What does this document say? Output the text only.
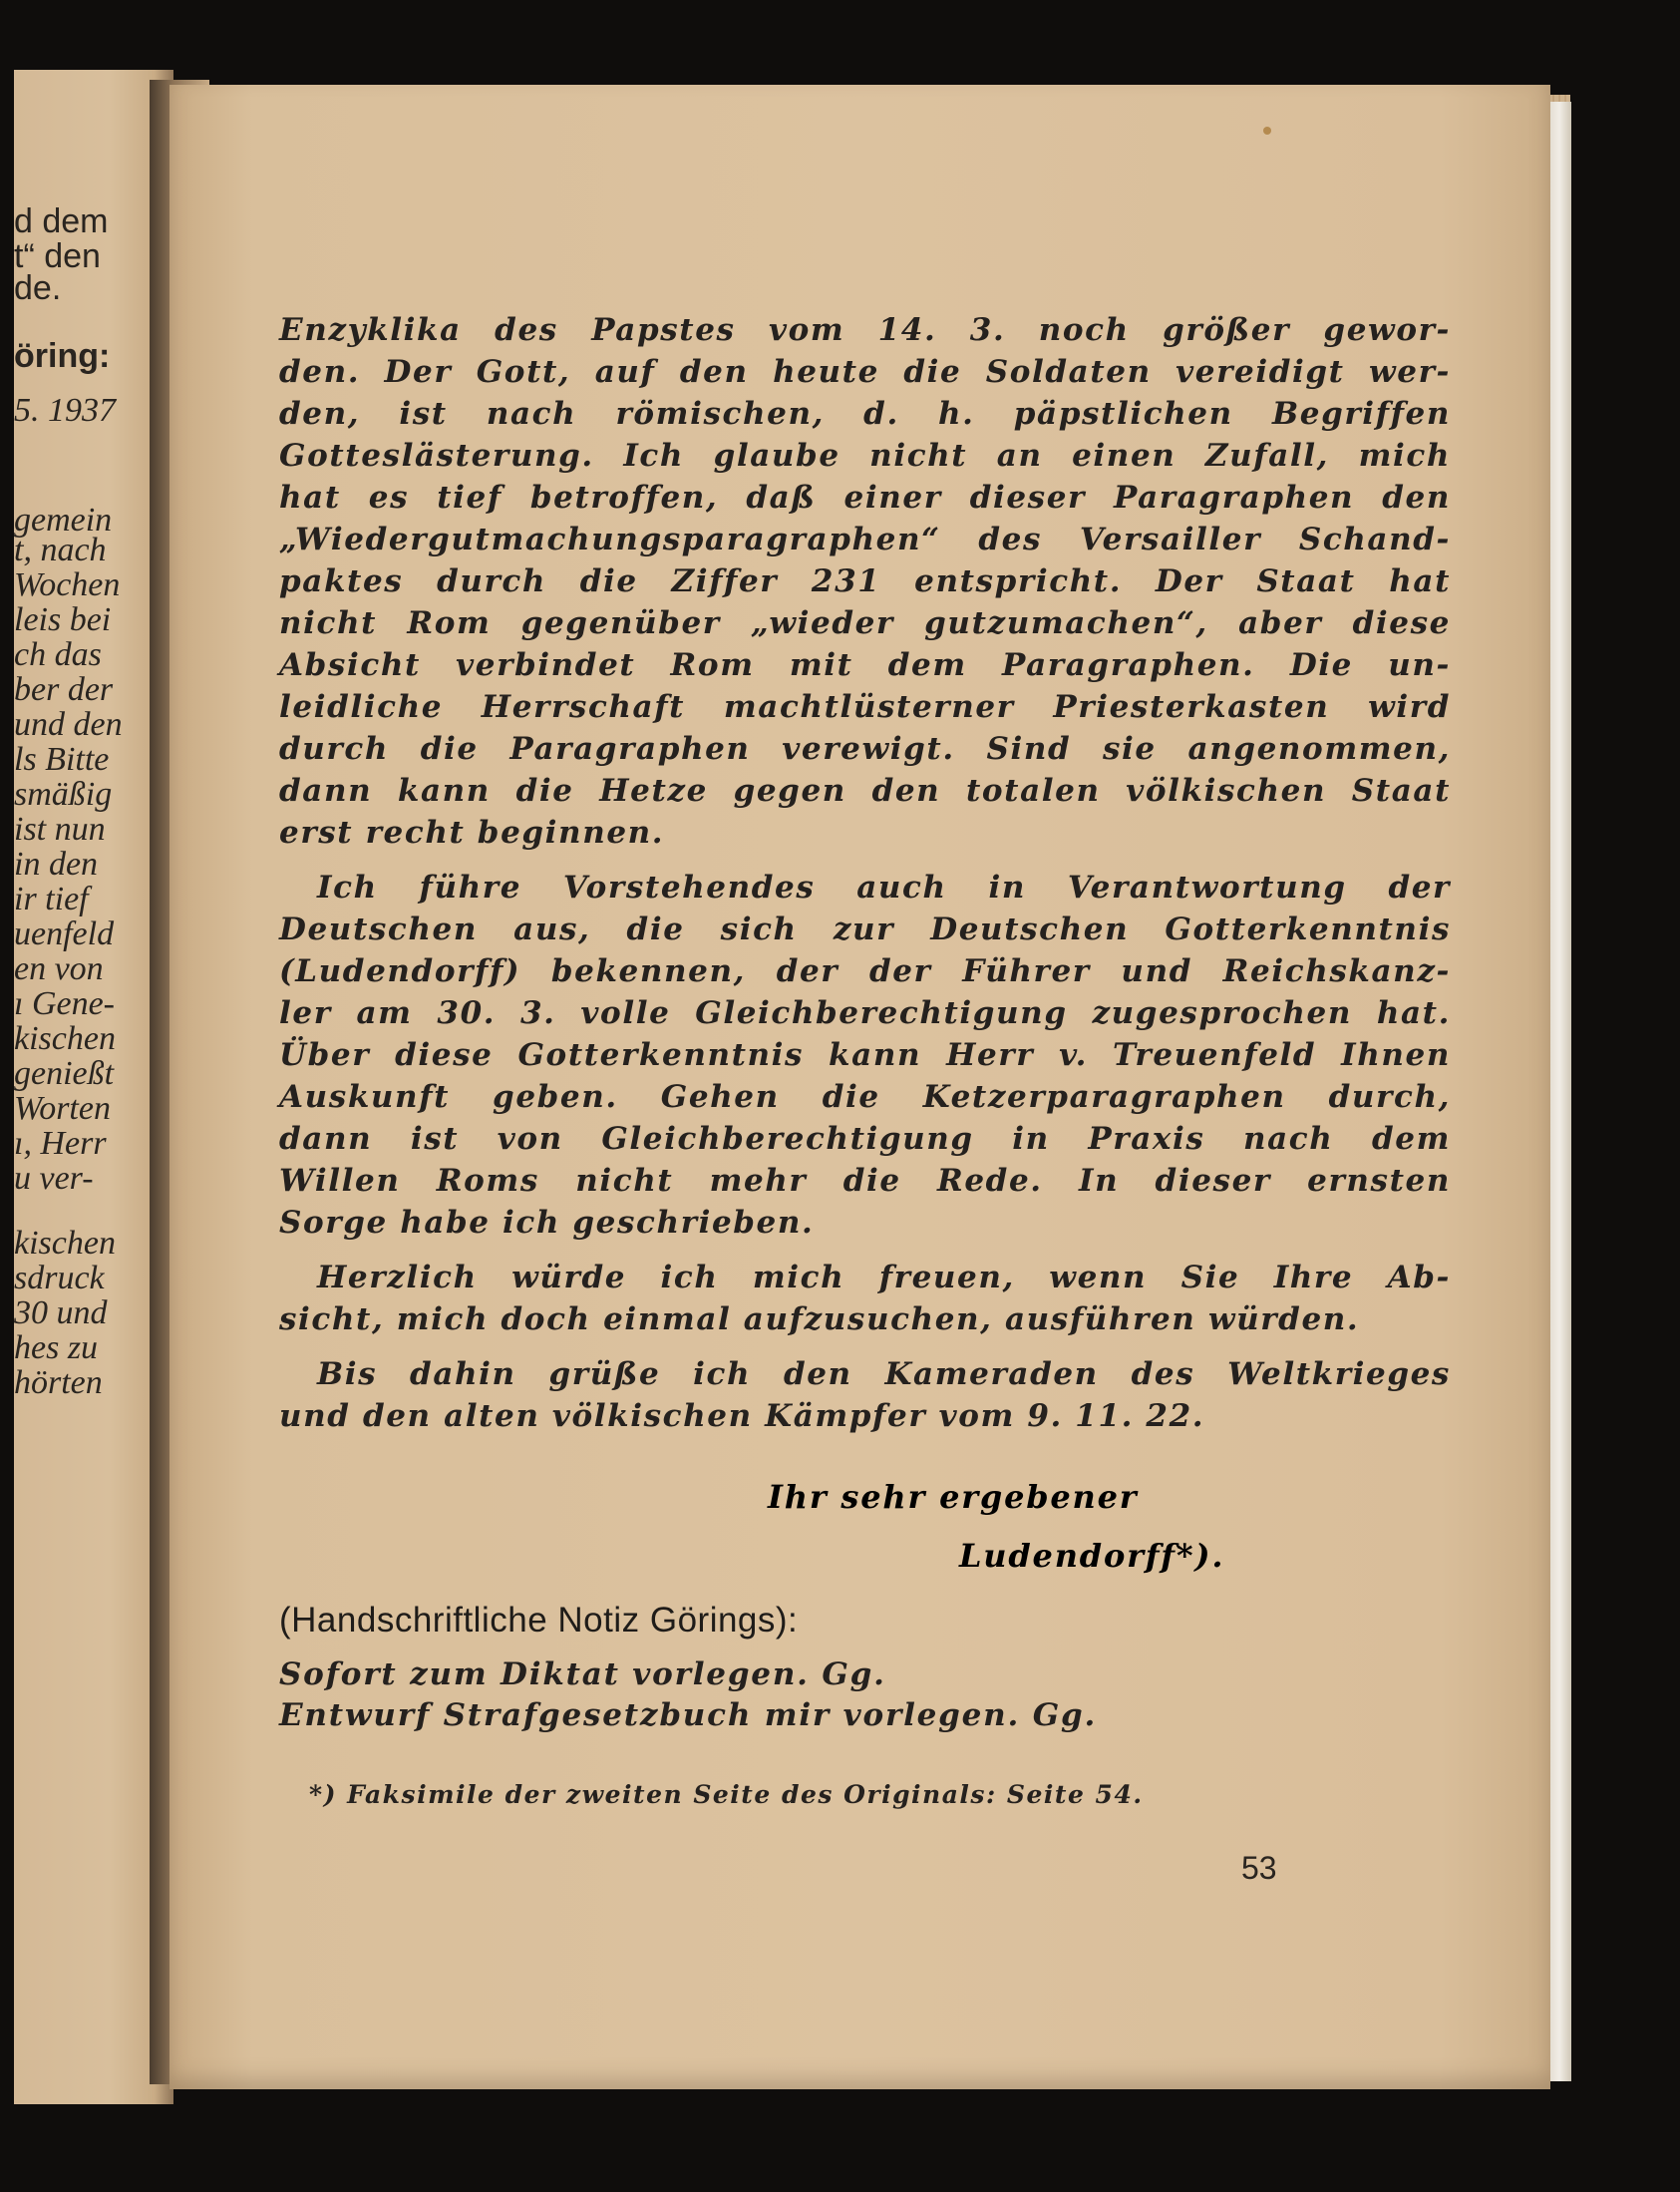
d dem
t“ den
de.
öring:
5. 1937
gemein
t, nach
Wochen
leis bei
ch das
ber der
und den
ls Bitte
smäßig
ist nun
in den
ir tief
uenfeld
en von
ı Gene-
kischen
genießt
Worten
ı, Herr
u ver-
kischen
sdruck
30 und
hes zu
hörten
Enzyklika des Papstes vom 14. 3. noch größer gewor-
den. Der Gott, auf den heute die Soldaten vereidigt wer-
den, ist nach römischen, d. h. päpstlichen Begriffen
Gotteslästerung. Ich glaube nicht an einen Zufall, mich
hat es tief betroffen, daß einer dieser Paragraphen den
„Wiedergutmachungsparagraphen“ des Versailler Schand-
paktes durch die Ziffer 231 entspricht. Der Staat hat
nicht Rom gegenüber „wieder gutzumachen“, aber diese
Absicht verbindet Rom mit dem Paragraphen. Die un-
leidliche Herrschaft machtlüsterner Priesterkasten wird
durch die Paragraphen verewigt. Sind sie angenommen,
dann kann die Hetze gegen den totalen völkischen Staat
erst recht beginnen.
Ich führe Vorstehendes auch in Verantwortung der
Deutschen aus, die sich zur Deutschen Gotterkenntnis
(Ludendorff) bekennen, der der Führer und Reichskanz-
ler am 30. 3. volle Gleichberechtigung zugesprochen hat.
Über diese Gotterkenntnis kann Herr v. Treuenfeld Ihnen
Auskunft geben. Gehen die Ketzerparagraphen durch,
dann ist von Gleichberechtigung in Praxis nach dem
Willen Roms nicht mehr die Rede. In dieser ernsten
Sorge habe ich geschrieben.
Herzlich würde ich mich freuen, wenn Sie Ihre Ab-
sicht, mich doch einmal aufzusuchen, ausführen würden.
Bis dahin grüße ich den Kameraden des Weltkrieges
und den alten völkischen Kämpfer vom 9. 11. 22.
Ihr sehr ergebener
Ludendorff*).
(Handschriftliche Notiz Görings):
Sofort zum Diktat vorlegen. Gg.
Entwurf Strafgesetzbuch mir vorlegen. Gg.
*) Faksimile der zweiten Seite des Originals: Seite 54.
53
